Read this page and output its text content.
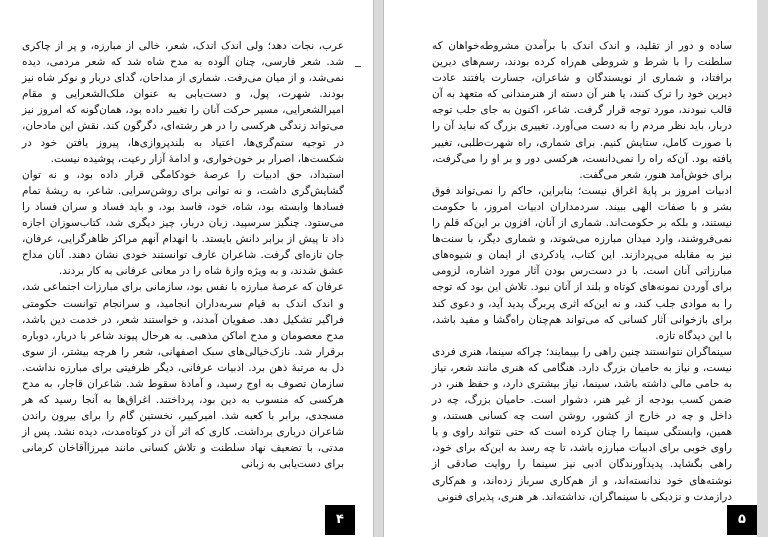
عرب، نجات دهد؛ ولی اندک اندک، شعر، خالی از مبارزه، و پر از چاکری شد. شعر فارسی، چنان آلوده به مدح شاه شد که شعر مردمی، دیده نمی‌شد، و از میان می‌رفت. شماری از مداحان، گدای دربار و نوکر شاه نیز بودند. شهرت، پول، و دست‌یابی به عنوان ملک‌الشعرایی و مقام امیرالشعرایی، مسیر حرکت آنان را تغییر داده بود، همان‌گونه که امروز نیز می‌تواند زندگی هرکسی را در هر رشته‌ای، دگرگون کند. نقش این مادحان، در توجیه ستم‌گری‌ها، اعتیاد به بلندپروازی‌ها، پیروز یافتن خود در شکست‌ها، اصرار بر خون‌خواری، و ادامهٔ آزار رعیت، پوشیده نیست.

استبداد، حق ادبیات را عرصهٔ خودکامگی قرار داده بود، و نه توان گشایش‌گری داشت، و نه توانی برای روشن‌سرایی. شاعر، به ریشهٔ تمام فسادها وابسته بود، شاه، خود، فاسد بود، و باید فساد و سران فساد را می‌ستود. چنگیز سرسپید. زبان دربار، چیز دیگری شد، کتاب‌سوزان اجازه داد تا پیش از برابر دانش بایستد. با انهدام آنهم مراکز ظاهرگرایی، عرفان، جان تازه‌ای گرفت. شاعران عارف توانستند خودی نشان دهند. آنان مداح عشق شدند، و به ویژه وازهٔ شاه را در معانی عرفانی به کار بردند.

عرفان که عرصهٔ مبارزه با نفس بود، سازمانی برای مبارزات اجتماعی شد، و اندک اندک به قیام سربه‌داران انجامید، و سرانجام توانست حکومتی فراگیر تشکیل دهد. صفویان آمدند، و خواستند شعر، در خدمت دین باشد، مدح معصومان و مدح اماکن مذهبی. به هرحال پیوند شاعر با دربار، دوباره برقرار شد. نازک‌خیالی‌های سبک اصفهانی، شعر را هرچه بیشتر، از سوی دل به مرتبهٔ ذهن برد. ادبیات عرفانی، دیگر ظرفیتی برای مبارزه نداشت. سازمان تصوف به اوج رسید، و آمادهٔ سقوط شد. شاعران قاجار، به مدح هرکسی که منسوب به دین بود، پرداختند. اغراق‌ها به آنجا رسید که هر مسجدی، برابر با کعبه شد. امیرکبیر، نخستین گام را برای بیرون راندن شاعران درباری برداشت. کاری که اثر آن در کوتاه‌مدت، دیده نشد. پس از مدتی، با تضعیف نهاد سلطنت و تلاش کسانی مانند میرزاآقاخان کرمانی برای دست‌یابی به زبانی

۴

ساده و دور از تقلید، و اندک اندک با برآمدن مشروطه‌خواهان که سلطنت را با شرط و شروطی هم‌راه کرده بودند، رسم‌های دیرین برافتاد، و شماری از نویسندگان و شاعران، جسارت یافتند عادت دیرین خود را ترک کنند، یا هنر آن دسته از هنرمندانی که متعهد به آن قالب نبودند، مورد توجه قرار گرفت. شاعر، اکنون به جای جلب توجه دربار، باید نظر مردم را به دست می‌آورد. تغییری بزرگ که نباید آن را با صورت کامل، ستایش کنیم. برای شماری، راه شهرت‌طلبی، تغییر یافته بود. آن‌که راه را نمی‌دانست، هرکسی دور و بر او را می‌گرفت، برای خوش‌آمد هنور، شعر می‌گفت.

ادبیات امروز بر پایهٔ اغراق نیست؛ بنابراین، حاکم را نمی‌تواند فوق بشر و با صفات الهی ببیند. سردمداران ادبیات امروز، با حکومت نیستند، و بلکه بر حکومت‌اند. شماری از آنان، افزون بر این‌که قلم را نمی‌فروشند، وارد میدان مبارزه می‌شوند، و شماری دیگر، با سنت‌ها نیز به مقابله می‌پردازند. این کتاب، یادکردی از ایمان و شیوه‌های مبارزاتی آنان است. با در دست‌رس بودن آثار مورد اشاره، لزومی برای آوردن نمونه‌های کوتاه و بلند از آنان نبود. تلاش این بود که توجه را به موادی جلب کند، و نه این‌که اثری پربرگ پدید آید، و دعوی کند برای بازخوانی آثار کسانی که می‌تواند هم‌چنان راه‌گشا و مفید باشد، با این دیدگاه تازه.

سینماگران نتوانستند چنین راهی را بپیمایند؛ چراکه سینما، هنری فردی نیست، و نیاز به حامیان بزرگ دارد. هنگامی که هنری مانند شعر، نیاز به حامی مالی داشته باشد، سینما، نیاز بیشتری دارد، و حفظ هنر، در ضمن کسب بودجه از غیر هنر، دشوار است. حامیان بزرگ، چه در داخل و چه در خارج از کشور، روشن است چه کسانی هستند، و همین، وابستگی سینما را چنان کرده است که حتی نتواند راوی و یا راوی خوبی برای ادبیات مبارزه باشد، تا چه رسد به این‌که برای خود، راهی بگشاید. پدیدآورندگان ادبی نیز سینما را روایت صادقی از نوشته‌های خود ندانسته‌اند، و از هم‌کاری سرباز زده‌اند، و هم‌کاری درازمدت و نزدیکی با سینماگران، نداشته‌اند. هر هنری، پذیرای فنونی

۵
